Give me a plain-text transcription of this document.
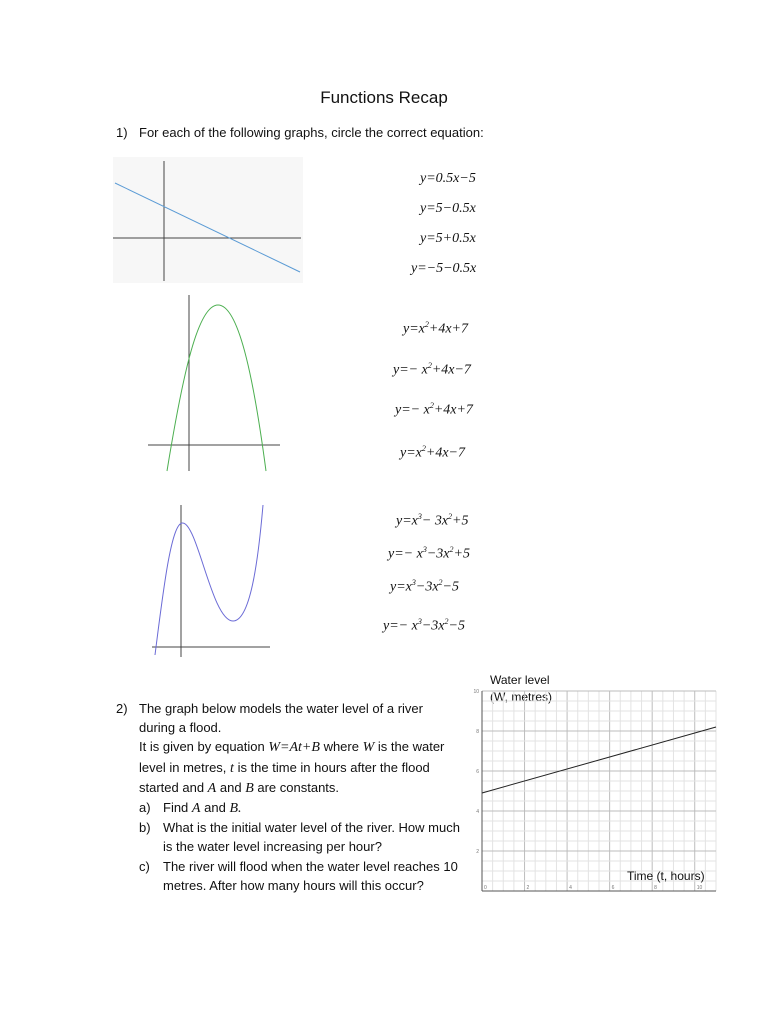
Functions Recap
1) For each of the following graphs, circle the correct equation:
y=0.5x−5
y=5−0.5x
y=5+0.5x
y=−5−0.5x
$y=x^2+4x+7$
$y=- x^2+4x-7$
$y=- x^2+4x+7$
$y=x^2+4x-7$
$y=x^3- 3x^2+5$
$y=- x^3-3x^2+5$
$y=x^3-3x^2-5$
$y=- x^3-3x^2-5$
2) The graph below models the water level of a river during a flood.
It is given by equation W=At+B where W is the water level in metres, t is the time in hours after the flood started and A and B are constants.
a) Find A and B.
b) What is the initial water level of the river. How much is the water level increasing per hour?
c) The river will flood when the water level reaches 10 metres. After how many hours will this occur?
Water level
(W, metres)
10
8
6
4
2
0	2	4	6	8	10
Time (t, hours)
